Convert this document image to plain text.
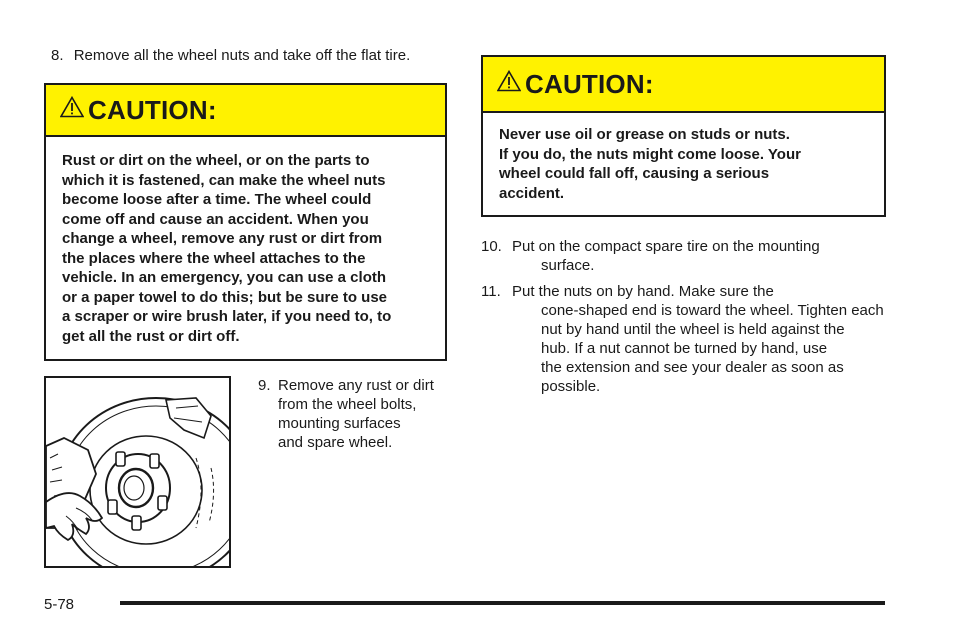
8. Remove all the wheel nuts and take off the flat tire.
CAUTION:
Rust or dirt on the wheel, or on the parts to
which it is fastened, can make the wheel nuts
become loose after a time. The wheel could
come off and cause an accident. When you
change a wheel, remove any rust or dirt from
the places where the wheel attaches to the
vehicle. In an emergency, you can use a cloth
or a paper towel to do this; but be sure to use
a scraper or wire brush later, if you need to, to
get all the rust or dirt off.
9. Remove any rust or dirt
from the wheel bolts,
mounting surfaces
and spare wheel.
CAUTION:
Never use oil or grease on studs or nuts.
If you do, the nuts might come loose. Your
wheel could fall off, causing a serious
accident.
10. Put on the compact spare tire on the mounting
surface.
11. Put the nuts on by hand. Make sure the
cone-shaped end is toward the wheel. Tighten each
nut by hand until the wheel is held against the
hub. If a nut cannot be turned by hand, use
the extension and see your dealer as soon as
possible.
5-78
